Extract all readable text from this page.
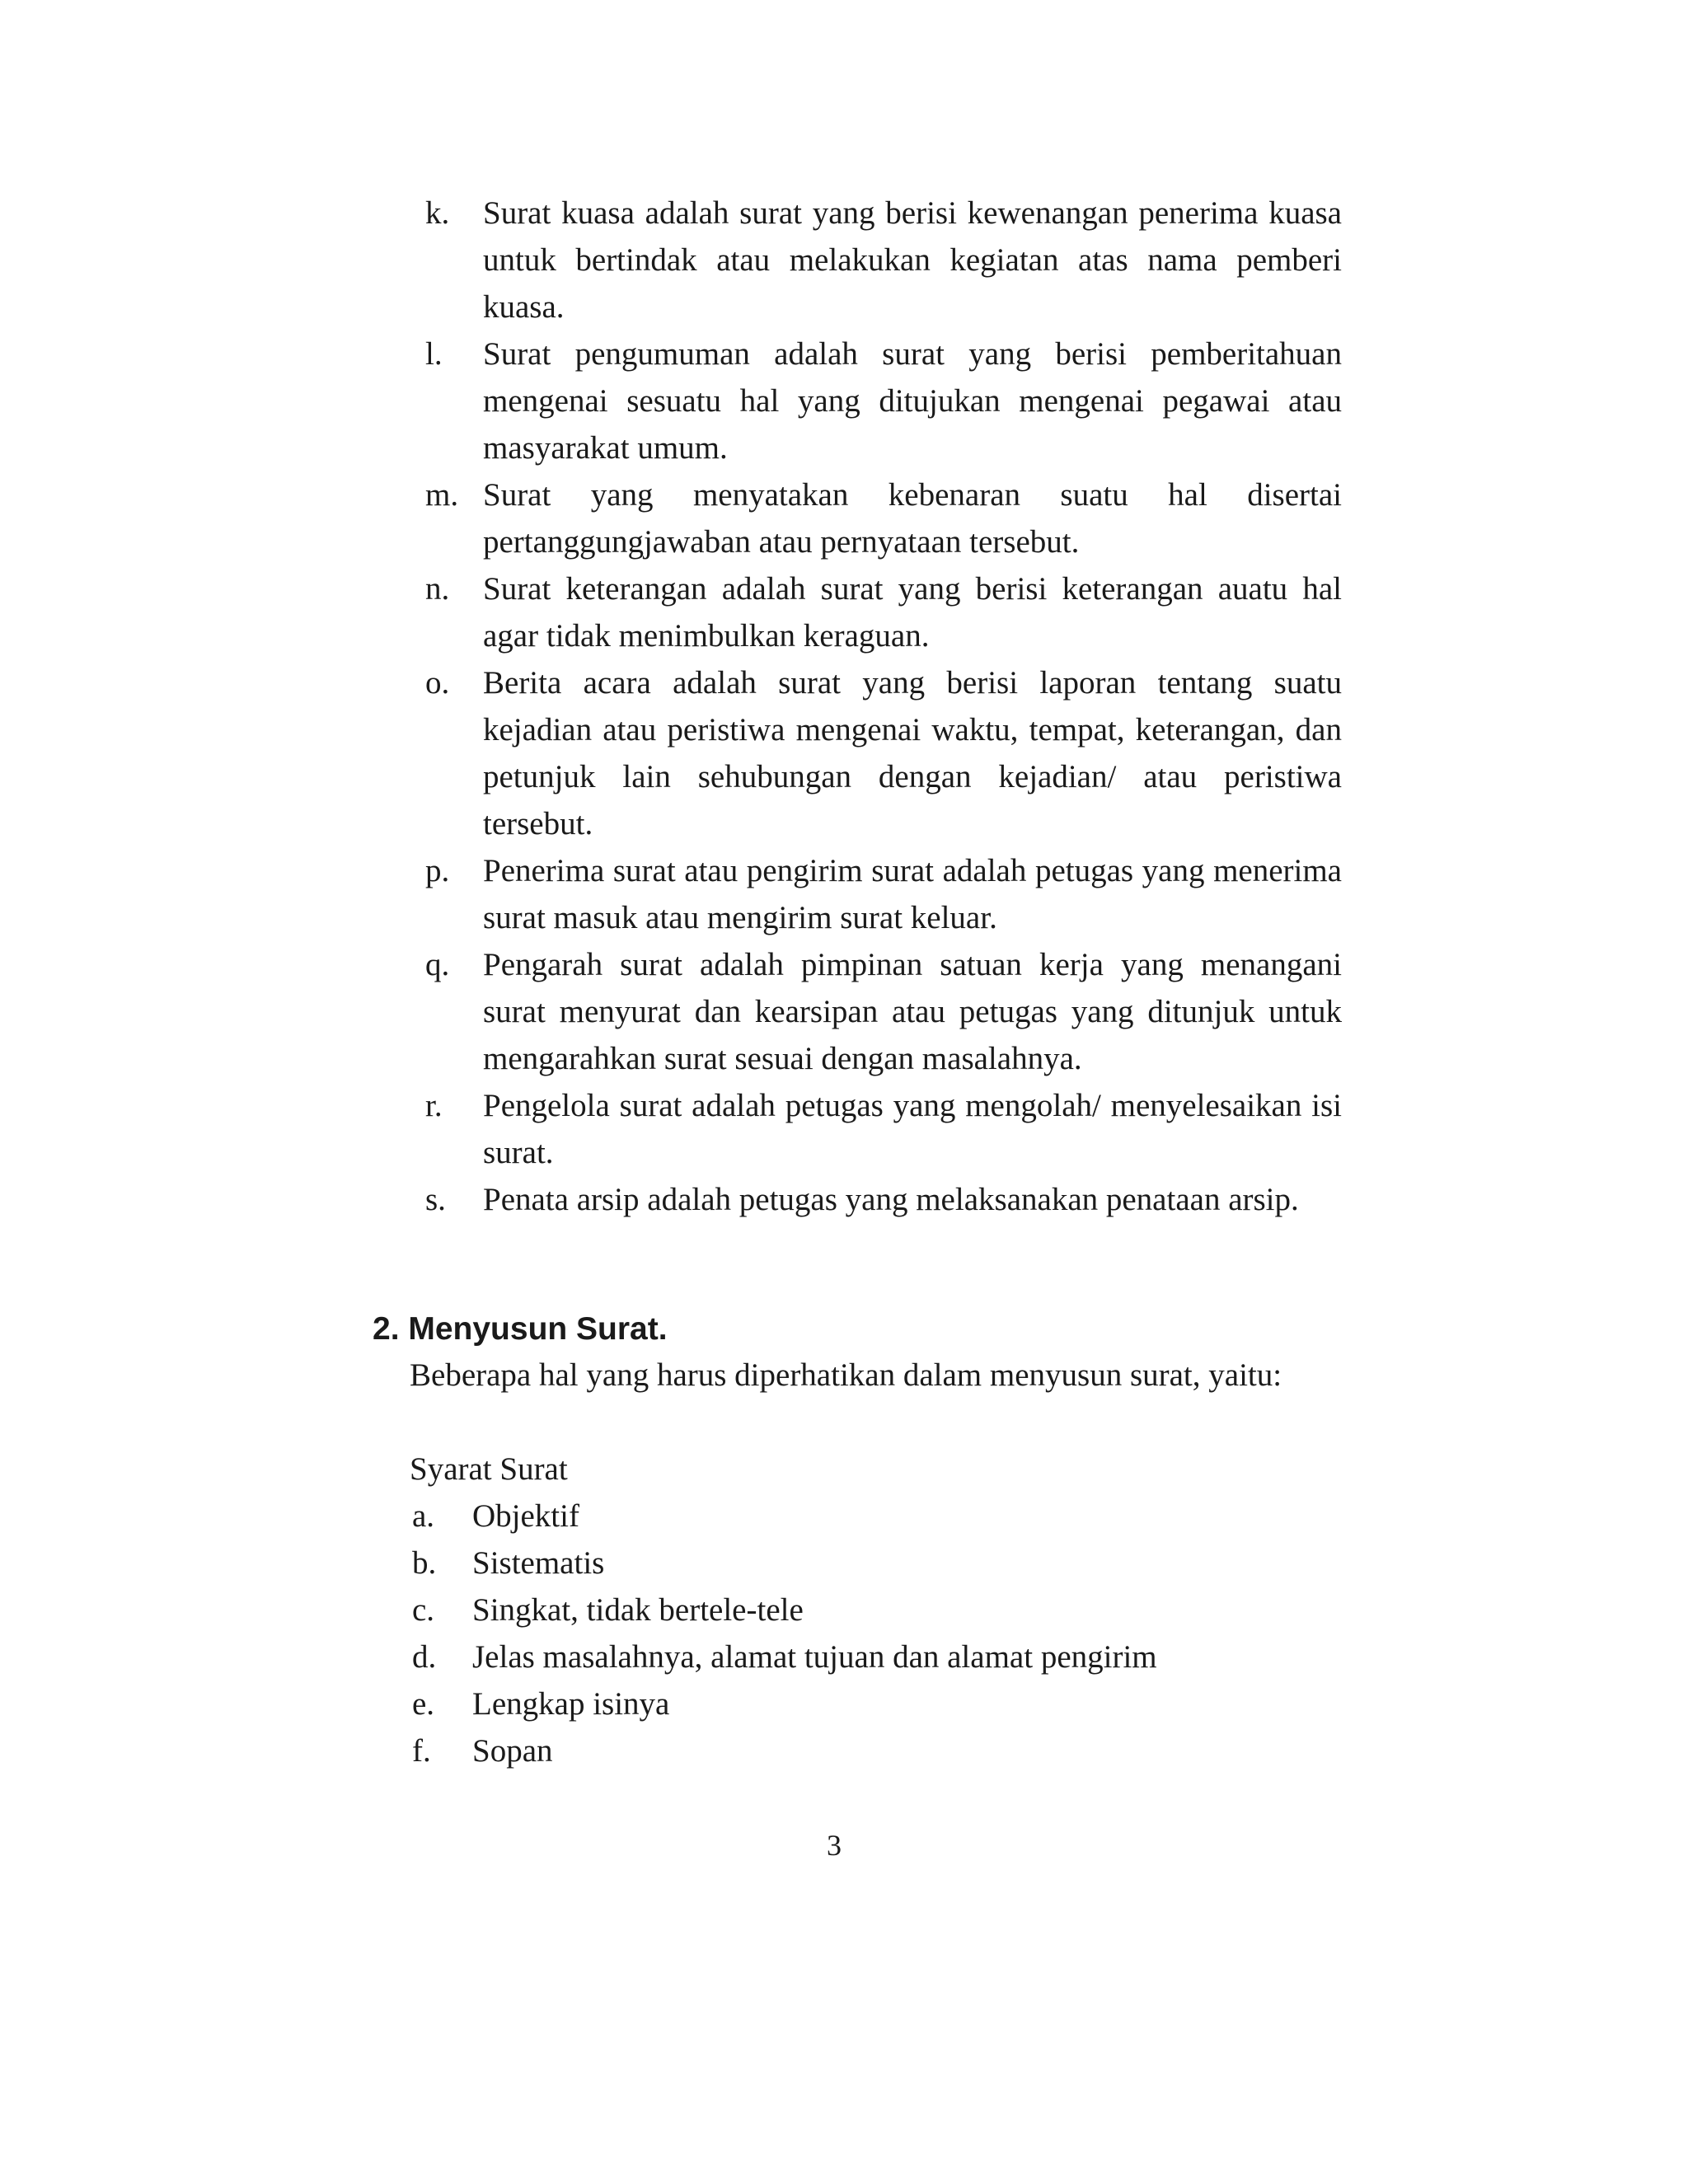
k. Surat kuasa adalah surat yang berisi kewenangan penerima kuasa untuk bertindak atau melakukan kegiatan atas nama pemberi kuasa.
l. Surat pengumuman adalah surat yang berisi pemberitahuan mengenai sesuatu hal yang ditujukan mengenai pegawai atau masyarakat umum.
m. Surat yang menyatakan kebenaran suatu hal disertai pertanggungjawaban atau pernyataan tersebut.
n. Surat keterangan adalah surat yang berisi keterangan auatu hal agar tidak menimbulkan keraguan.
o. Berita acara adalah surat yang berisi laporan tentang suatu kejadian atau peristiwa mengenai waktu, tempat, keterangan, dan petunjuk lain sehubungan dengan kejadian/ atau peristiwa tersebut.
p. Penerima surat atau pengirim surat adalah petugas yang menerima surat masuk atau mengirim surat keluar.
q. Pengarah surat adalah pimpinan satuan kerja yang menangani surat menyurat dan kearsipan atau petugas yang ditunjuk untuk mengarahkan surat sesuai dengan masalahnya.
r. Pengelola surat adalah petugas yang mengolah/ menyelesaikan isi surat.
s. Penata arsip adalah petugas yang melaksanakan penataan arsip.
2. Menyusun Surat.
Beberapa hal yang harus diperhatikan dalam menyusun surat, yaitu:
Syarat Surat
a. Objektif
b. Sistematis
c. Singkat, tidak bertele-tele
d. Jelas masalahnya, alamat tujuan dan alamat pengirim
e. Lengkap isinya
f. Sopan
3
